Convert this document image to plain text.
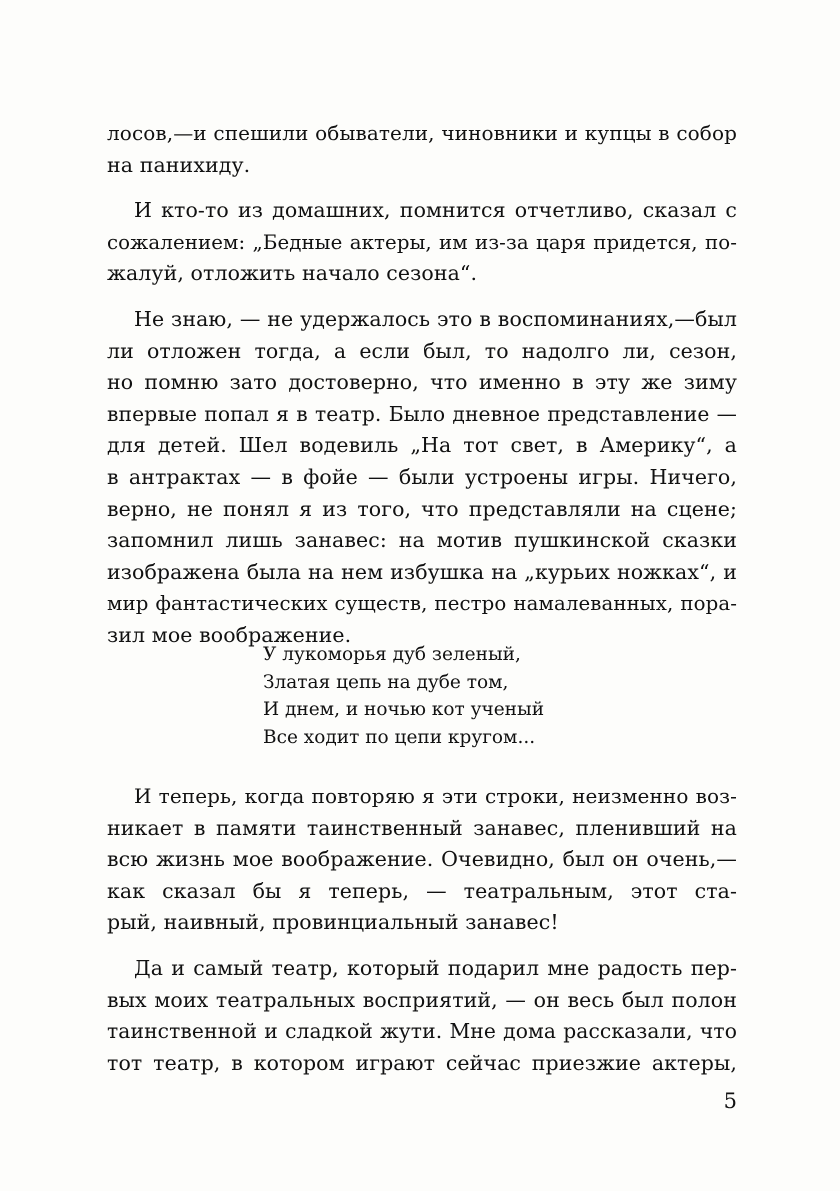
лосов,—и спешили обыватели, чиновники и купцы в собор
на панихиду.
И кто-то из домашних, помнится отчетливо, сказал с
сожалением: „Бедные актеры, им из-за царя придется, по-
жалуй, отложить начало сезона“.
Не знаю, — не удержалось это в воспоминаниях,—был
ли отложен тогда, а если был, то надолго ли, сезон,
но помню зато достоверно, что именно в эту же зиму
впервые попал я в театр. Было дневное представление —
для детей. Шел водевиль „На тот свет, в Америку“, а
в антрактах — в фойе — были устроены игры. Ничего,
верно, не понял я из того, что представляли на сцене;
запомнил лишь занавес: на мотив пушкинской сказки
изображена была на нем избушка на „курьих ножках“, и
мир фантастических существ, пестро намалеванных, пора-
зил мое воображение.
У лукоморья дуб зеленый,
Златая цепь на дубе том,
И днем, и ночью кот ученый
Все ходит по цепи кругом...
И теперь, когда повторяю я эти строки, неизменно воз-
никает в памяти таинственный занавес, пленивший на
всю жизнь мое воображение. Очевидно, был он очень,—
как сказал бы я теперь, — театральным, этот ста-
рый, наивный, провинциальный занавес!
Да и самый театр, который подарил мне радость пер-
вых моих театральных восприятий, — он весь был полон
таинственной и сладкой жути. Мне дома рассказали, что
тот театр, в котором играют сейчас приезжие актеры,
5
